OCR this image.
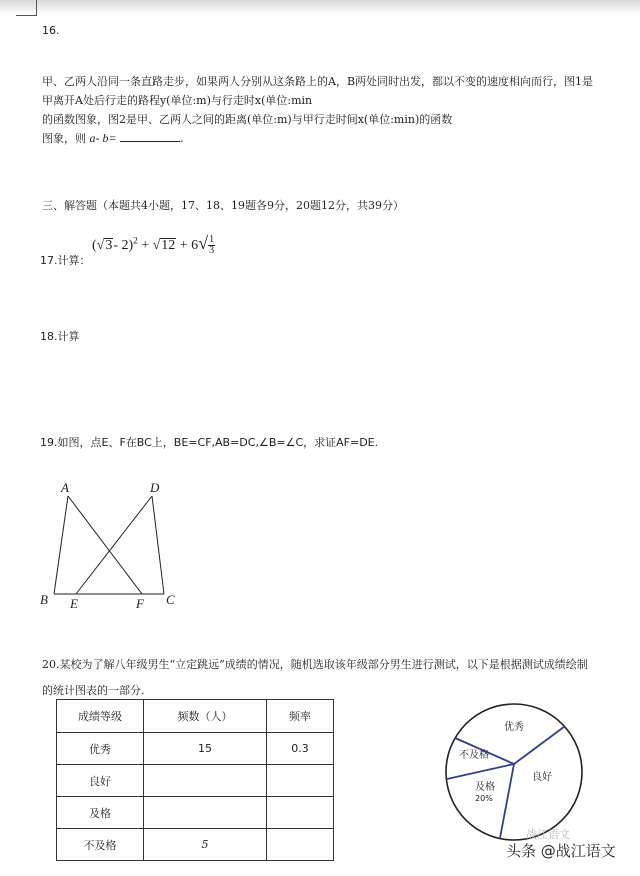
16.
甲、乙两人沿同一条直路走步，如果两人分别从这条路上的A，B两处同时出发，都以不变的速度相向而行，图1是
甲离开A处后行走的路程y(单位:m)与行走时x(单位:min
的函数图象，图2是甲、乙两人之间的距离(单位:m)与甲行走时间x(单位:min)的函数
图象，则 a- b=	.
三、解答题（本题共4小题，17、18、19题各9分，20题12分，共39分）
(√3- $2)^2 + √12 + 6√ \frac{1}{3}$
17.计算：
18.计算
19.如图，点E、F在BC上，BE=CF,AB=DC,∠B=∠C，求证AF=DE.
A	D
B E	F C
20.某校为了解八年级男生“立定跳远”成绩的情况，随机选取该年级部分男生进行测试，以下是根据测试成绩绘制
的统计图表的一部分.
成绩等级	频数（人）	频率
优秀	15	0.3
良好		
及格		
不及格	5	
优秀
不及格
及格
20%
良好
战江语文
头条 @战江语文
